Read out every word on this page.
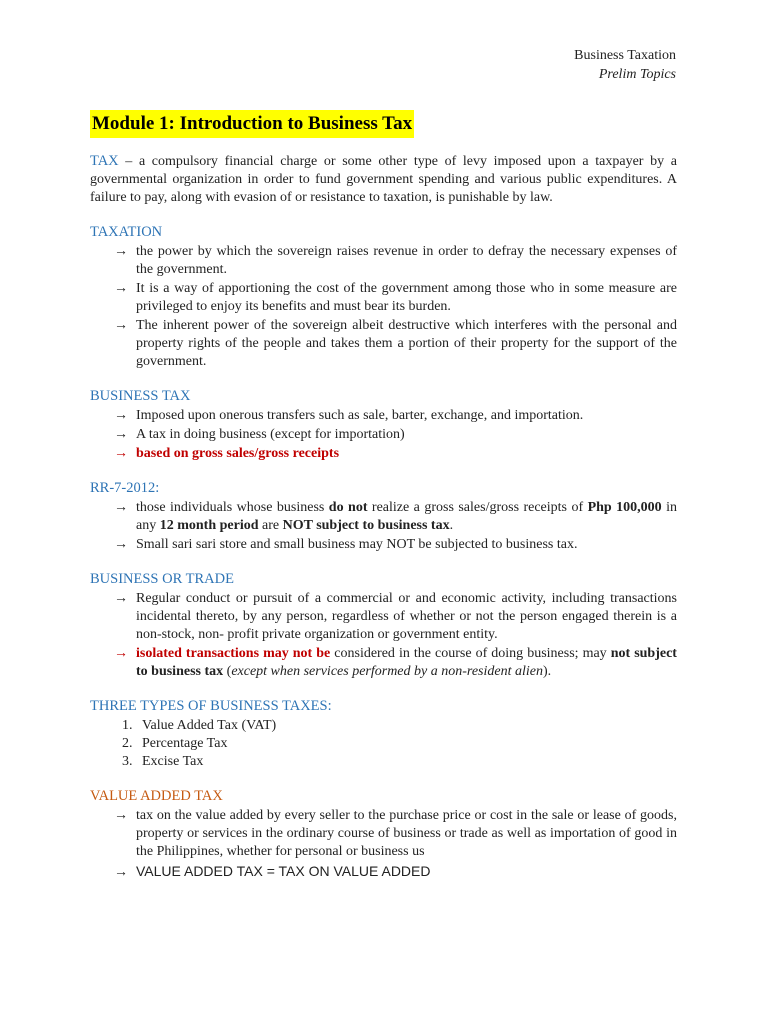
Business Taxation
Prelim Topics
Module 1: Introduction to Business Tax
TAX – a compulsory financial charge or some other type of levy imposed upon a taxpayer by a governmental organization in order to fund government spending and various public expenditures. A failure to pay, along with evasion of or resistance to taxation, is punishable by law.
TAXATION
→ the power by which the sovereign raises revenue in order to defray the necessary expenses of the government.
→ It is a way of apportioning the cost of the government among those who in some measure are privileged to enjoy its benefits and must bear its burden.
→ The inherent power of the sovereign albeit destructive which interferes with the personal and property rights of the people and takes them a portion of their property for the support of the government.
BUSINESS TAX
→ Imposed upon onerous transfers such as sale, barter, exchange, and importation.
→ A tax in doing business (except for importation)
→ based on gross sales/gross receipts
RR-7-2012:
→ those individuals whose business do not realize a gross sales/gross receipts of Php 100,000 in any 12 month period are NOT subject to business tax.
→ Small sari sari store and small business may NOT be subjected to business tax.
BUSINESS OR TRADE
→ Regular conduct or pursuit of a commercial or and economic activity, including transactions incidental thereto, by any person, regardless of whether or not the person engaged therein is a non-stock, non- profit private organization or government entity.
→ isolated transactions may not be considered in the course of doing business; may not subject to business tax (except when services performed by a non-resident alien).
THREE TYPES OF BUSINESS TAXES:
1. Value Added Tax (VAT)
2. Percentage Tax
3. Excise Tax
VALUE ADDED TAX
→ tax on the value added by every seller to the purchase price or cost in the sale or lease of goods, property or services in the ordinary course of business or trade as well as importation of good in the Philippines, whether for personal or business us
→ VALUE ADDED TAX = TAX ON VALUE ADDED
